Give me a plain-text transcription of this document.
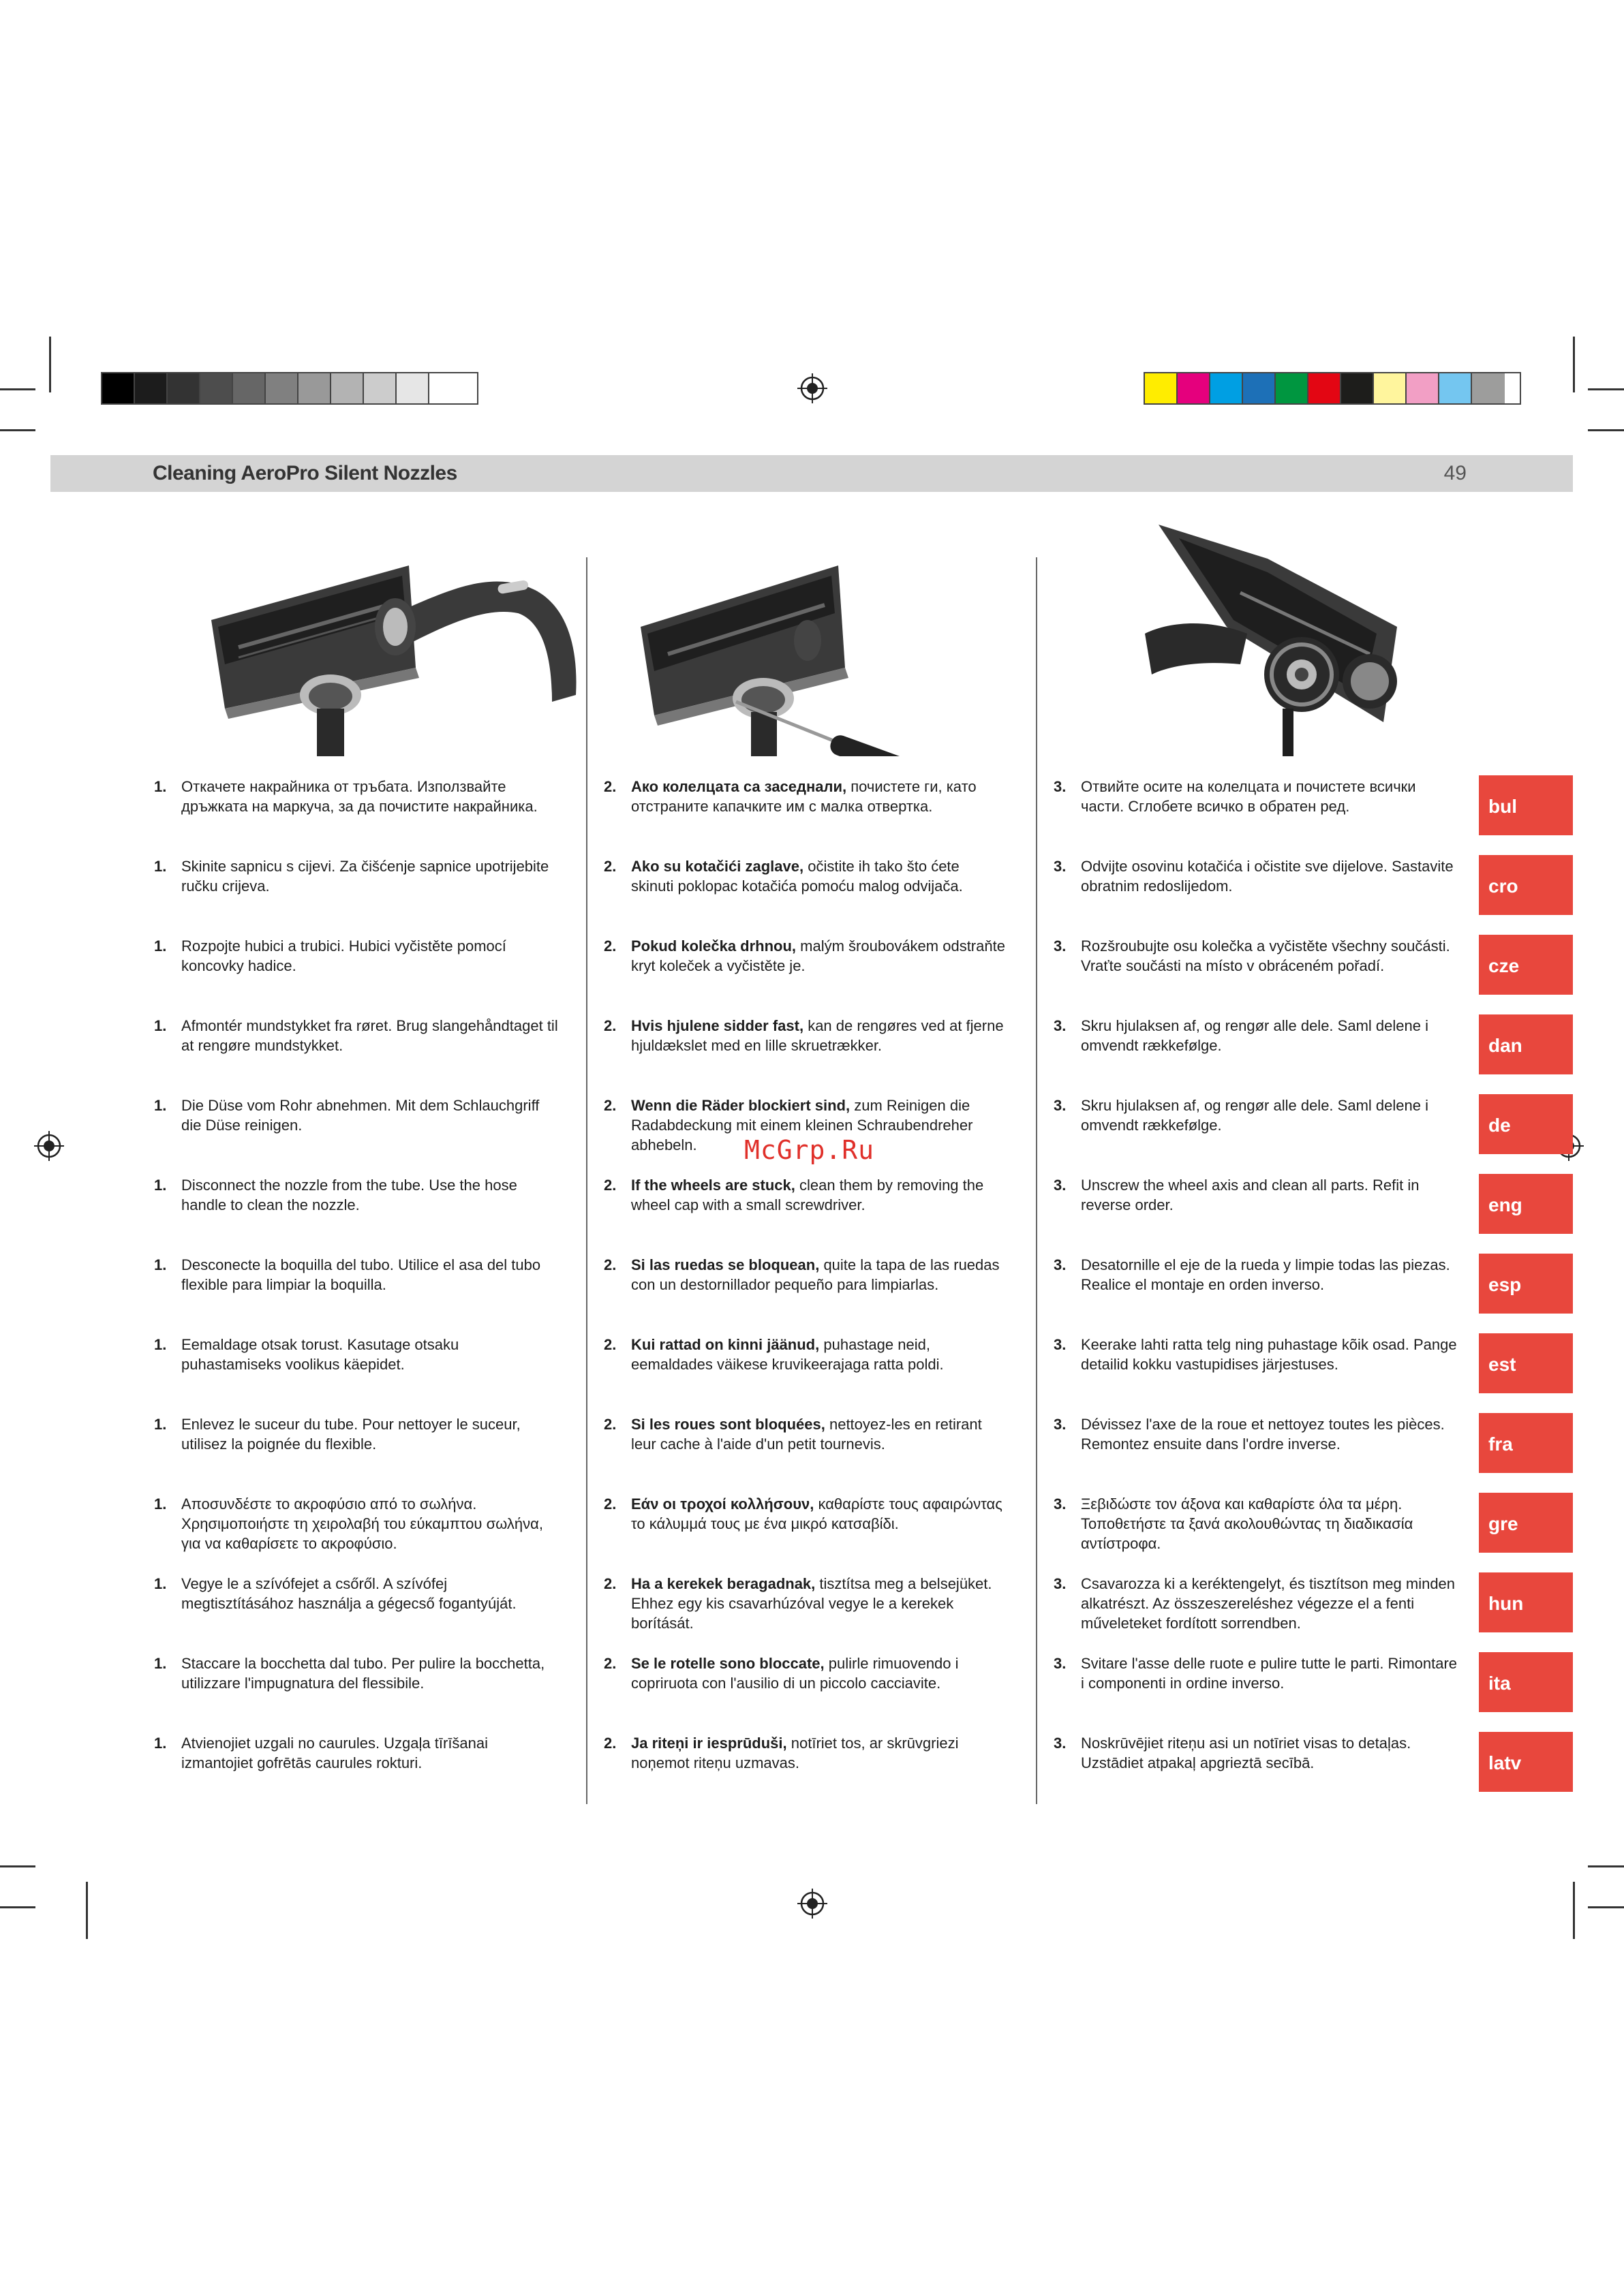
Cleaning AeroPro Silent Nozzles	49
1. Откачете накрайника от тръбата. Използвайте дръжката на маркуча, за да почистите накрайника.
2. Ако колелцата са заседнали, почистете ги, като отстраните капачките им с малка отвертка.
3. Отвийте осите на колелцата и почистете всички части. Сглобете всичко в обратен ред.	bul
1. Skinite sapnicu s cijevi. Za čišćenje sapnice upotrijebite ručku crijeva.
2. Ako su kotačići zaglave, očistite ih tako što ćete skinuti poklopac kotačića pomoću malog odvijača.
3. Odvijte osovinu kotačića i očistite sve dijelove. Sastavite obratnim redoslijedom.	cro
1. Rozpojte hubici a trubici. Hubici vyčistěte pomocí koncovky hadice.
2. Pokud kolečka drhnou, malým šroubovákem odstraňte kryt koleček a vyčistěte je.
3. Rozšroubujte osu kolečka a vyčistěte všechny součásti. Vraťte součásti na místo v obráceném pořadí.	cze
1. Afmontér mundstykket fra røret. Brug slangehåndtaget til at rengøre mundstykket.
2. Hvis hjulene sidder fast, kan de rengøres ved at fjerne hjuldækslet med en lille skruetrækker.
3. Skru hjulaksen af, og rengør alle dele. Saml delene i omvendt rækkefølge.	dan
1. Die Düse vom Rohr abnehmen. Mit dem Schlauchgriff die Düse reinigen.
2. Wenn die Räder blockiert sind, zum Reinigen die Radabdeckung mit einem kleinen Schraubendreher abhebeln.
3. Skru hjulaksen af, og rengør alle dele. Saml delene i omvendt rækkefølge.	de
1. Disconnect the nozzle from the tube. Use the hose handle to clean the nozzle.
2. If the wheels are stuck, clean them by removing the wheel cap with a small screwdriver.
3. Unscrew the wheel axis and clean all parts. Refit in reverse order.	eng
1. Desconecte la boquilla del tubo. Utilice el asa del tubo flexible para limpiar la boquilla.
2. Si las ruedas se bloquean, quite la tapa de las ruedas con un destornillador pequeño para limpiarlas.
3. Desatornille el eje de la rueda y limpie todas las piezas. Realice el montaje en orden inverso.	esp
1. Eemaldage otsak torust. Kasutage otsaku puhastamiseks voolikus käepidet.
2. Kui rattad on kinni jäänud, puhastage neid, eemaldades väikese kruvikeerajaga ratta poldi.
3. Keerake lahti ratta telg ning puhastage kõik osad. Pange detailid kokku vastupidises järjestuses.	est
1. Enlevez le suceur du tube. Pour nettoyer le suceur, utilisez la poignée du flexible.
2. Si les roues sont bloquées, nettoyez-les en retirant leur cache à l'aide d'un petit tournevis.
3. Dévissez l'axe de la roue et nettoyez toutes les pièces. Remontez ensuite dans l'ordre inverse.	fra
1. Αποσυνδέστε το ακροφύσιο από το σωλήνα. Χρησιμοποιήστε τη χειρολαβή του εύκαμπτου σωλήνα, για να καθαρίσετε το ακροφύσιο.
2. Εάν οι τροχοί κολλήσουν, καθαρίστε τους αφαιρώντας το κάλυμμά τους με ένα μικρό κατσαβίδι.
3. Ξεβιδώστε τον άξονα και καθαρίστε όλα τα μέρη. Τοποθετήστε τα ξανά ακολουθώντας τη διαδικασία αντίστροφα.
gre
1. Vegye le a szívófejet a csőről. A szívófej megtisztításához használja a gégecső fogantyúját.
2. Ha a kerekek beragadnak, tisztítsa meg a belsejüket. Ehhez egy kis csavarhúzóval vegye le a kerekek borítását.
3. Csavarozza ki a keréktengelyt, és tisztítson meg minden alkatrészt. Az összeszereléshez végezze el a fenti műveleteket fordított sorrendben.
hun
1. Staccare la bocchetta dal tubo. Per pulire la bocchetta, utilizzare l'impugnatura del flessibile.
2. Se le rotelle sono bloccate, pulirle rimuovendo i copriruota con l'ausilio di un piccolo cacciavite.
3. Svitare l'asse delle ruote e pulire tutte le parti. Rimontare i componenti in ordine inverso.	ita
1. Atvienojiet uzgali no caurules. Uzgaļa tīrīšanai izmantojiet gofrētās caurules rokturi.
2. Ja riteņi ir iesprūduši, notīriet tos, ar skrūvgriezi noņemot riteņu uzmavas.
3. Noskrūvējiet riteņu asi un notīriet visas to detaļas. Uzstādiet atpakaļ apgrieztā secībā.	latv
McGrp.Ru
